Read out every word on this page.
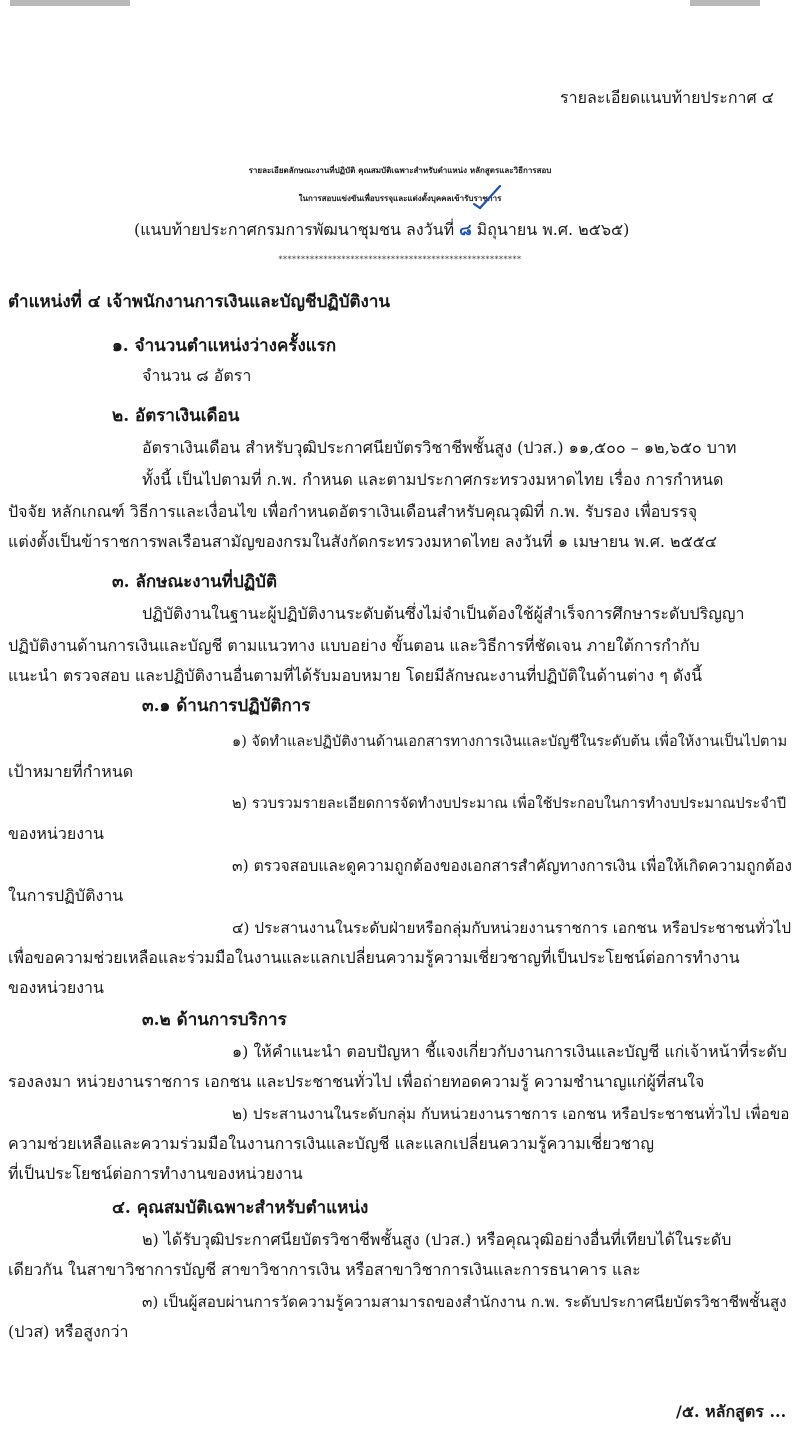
รายละเอียดแนบท้ายประกาศ ๔
รายละเอียดลักษณะงานที่ปฏิบัติ คุณสมบัติเฉพาะสำหรับตำแหน่ง หลักสูตรและวิธีการสอบ
ในการสอบแข่งขันเพื่อบรรจุและแต่งตั้งบุคคลเข้ารับราชการ
(แนบท้ายประกาศกรมการพัฒนาชุมชน ลงวันที่ ๘ มิถุนายน พ.ศ. ๒๕๖๕)
******************************************************
ตำแหน่งที่ ๔ เจ้าพนักงานการเงินและบัญชีปฏิบัติงาน
๑. จำนวนตำแหน่งว่างครั้งแรก
จำนวน ๘ อัตรา
๒. อัตราเงินเดือน
อัตราเงินเดือน สำหรับวุฒิประกาศนียบัตรวิชาชีพชั้นสูง (ปวส.) ๑๑,๕๐๐ – ๑๒,๖๕๐ บาท
ทั้งนี้ เป็นไปตามที่ ก.พ. กำหนด และตามประกาศกระทรวงมหาดไทย เรื่อง การกำหนด
ปัจจัย หลักเกณฑ์ วิธีการและเงื่อนไข เพื่อกำหนดอัตราเงินเดือนสำหรับคุณวุฒิที่ ก.พ. รับรอง เพื่อบรรจุ
แต่งตั้งเป็นข้าราชการพลเรือนสามัญของกรมในสังกัดกระทรวงมหาดไทย ลงวันที่ ๑ เมษายน พ.ศ. ๒๕๕๔
๓. ลักษณะงานที่ปฏิบัติ
ปฏิบัติงานในฐานะผู้ปฏิบัติงานระดับต้นซึ่งไม่จำเป็นต้องใช้ผู้สำเร็จการศึกษาระดับปริญญา
ปฏิบัติงานด้านการเงินและบัญชี ตามแนวทาง แบบอย่าง ขั้นตอน และวิธีการที่ชัดเจน ภายใต้การกำกับ
แนะนำ ตรวจสอบ และปฏิบัติงานอื่นตามที่ได้รับมอบหมาย โดยมีลักษณะงานที่ปฏิบัติในด้านต่าง ๆ ดังนี้
๓.๑ ด้านการปฏิบัติการ
๑) จัดทำและปฏิบัติงานด้านเอกสารทางการเงินและบัญชีในระดับต้น เพื่อให้งานเป็นไปตาม
เป้าหมายที่กำหนด
๒) รวบรวมรายละเอียดการจัดทำงบประมาณ เพื่อใช้ประกอบในการทำงบประมาณประจำปี
ของหน่วยงาน
๓) ตรวจสอบและดูความถูกต้องของเอกสารสำคัญทางการเงิน เพื่อให้เกิดความถูกต้อง
ในการปฏิบัติงาน
๔) ประสานงานในระดับฝ่ายหรือกลุ่มกับหน่วยงานราชการ เอกชน หรือประชาชนทั่วไป
เพื่อขอความช่วยเหลือและร่วมมือในงานและแลกเปลี่ยนความรู้ความเชี่ยวชาญที่เป็นประโยชน์ต่อการทำงาน
ของหน่วยงาน
๓.๒ ด้านการบริการ
๑) ให้คำแนะนำ ตอบปัญหา ชี้แจงเกี่ยวกับงานการเงินและบัญชี แก่เจ้าหน้าที่ระดับ
รองลงมา หน่วยงานราชการ เอกชน และประชาชนทั่วไป เพื่อถ่ายทอดความรู้ ความชำนาญแก่ผู้ที่สนใจ
๒) ประสานงานในระดับกลุ่ม กับหน่วยงานราชการ เอกชน หรือประชาชนทั่วไป เพื่อขอ
ความช่วยเหลือและความร่วมมือในงานการเงินและบัญชี และแลกเปลี่ยนความรู้ความเชี่ยวชาญ
ที่เป็นประโยชน์ต่อการทำงานของหน่วยงาน
๔. คุณสมบัติเฉพาะสำหรับตำแหน่ง
๒) ได้รับวุฒิประกาศนียบัตรวิชาชีพชั้นสูง (ปวส.) หรือคุณวุฒิอย่างอื่นที่เทียบได้ในระดับ
เดียวกัน ในสาขาวิชาการบัญชี สาขาวิชาการเงิน หรือสาขาวิชาการเงินและการธนาคาร และ
๓) เป็นผู้สอบผ่านการวัดความรู้ความสามารถของสำนักงาน ก.พ. ระดับประกาศนียบัตรวิชาชีพชั้นสูง
(ปวส) หรือสูงกว่า
/๕. หลักสูตร ...
